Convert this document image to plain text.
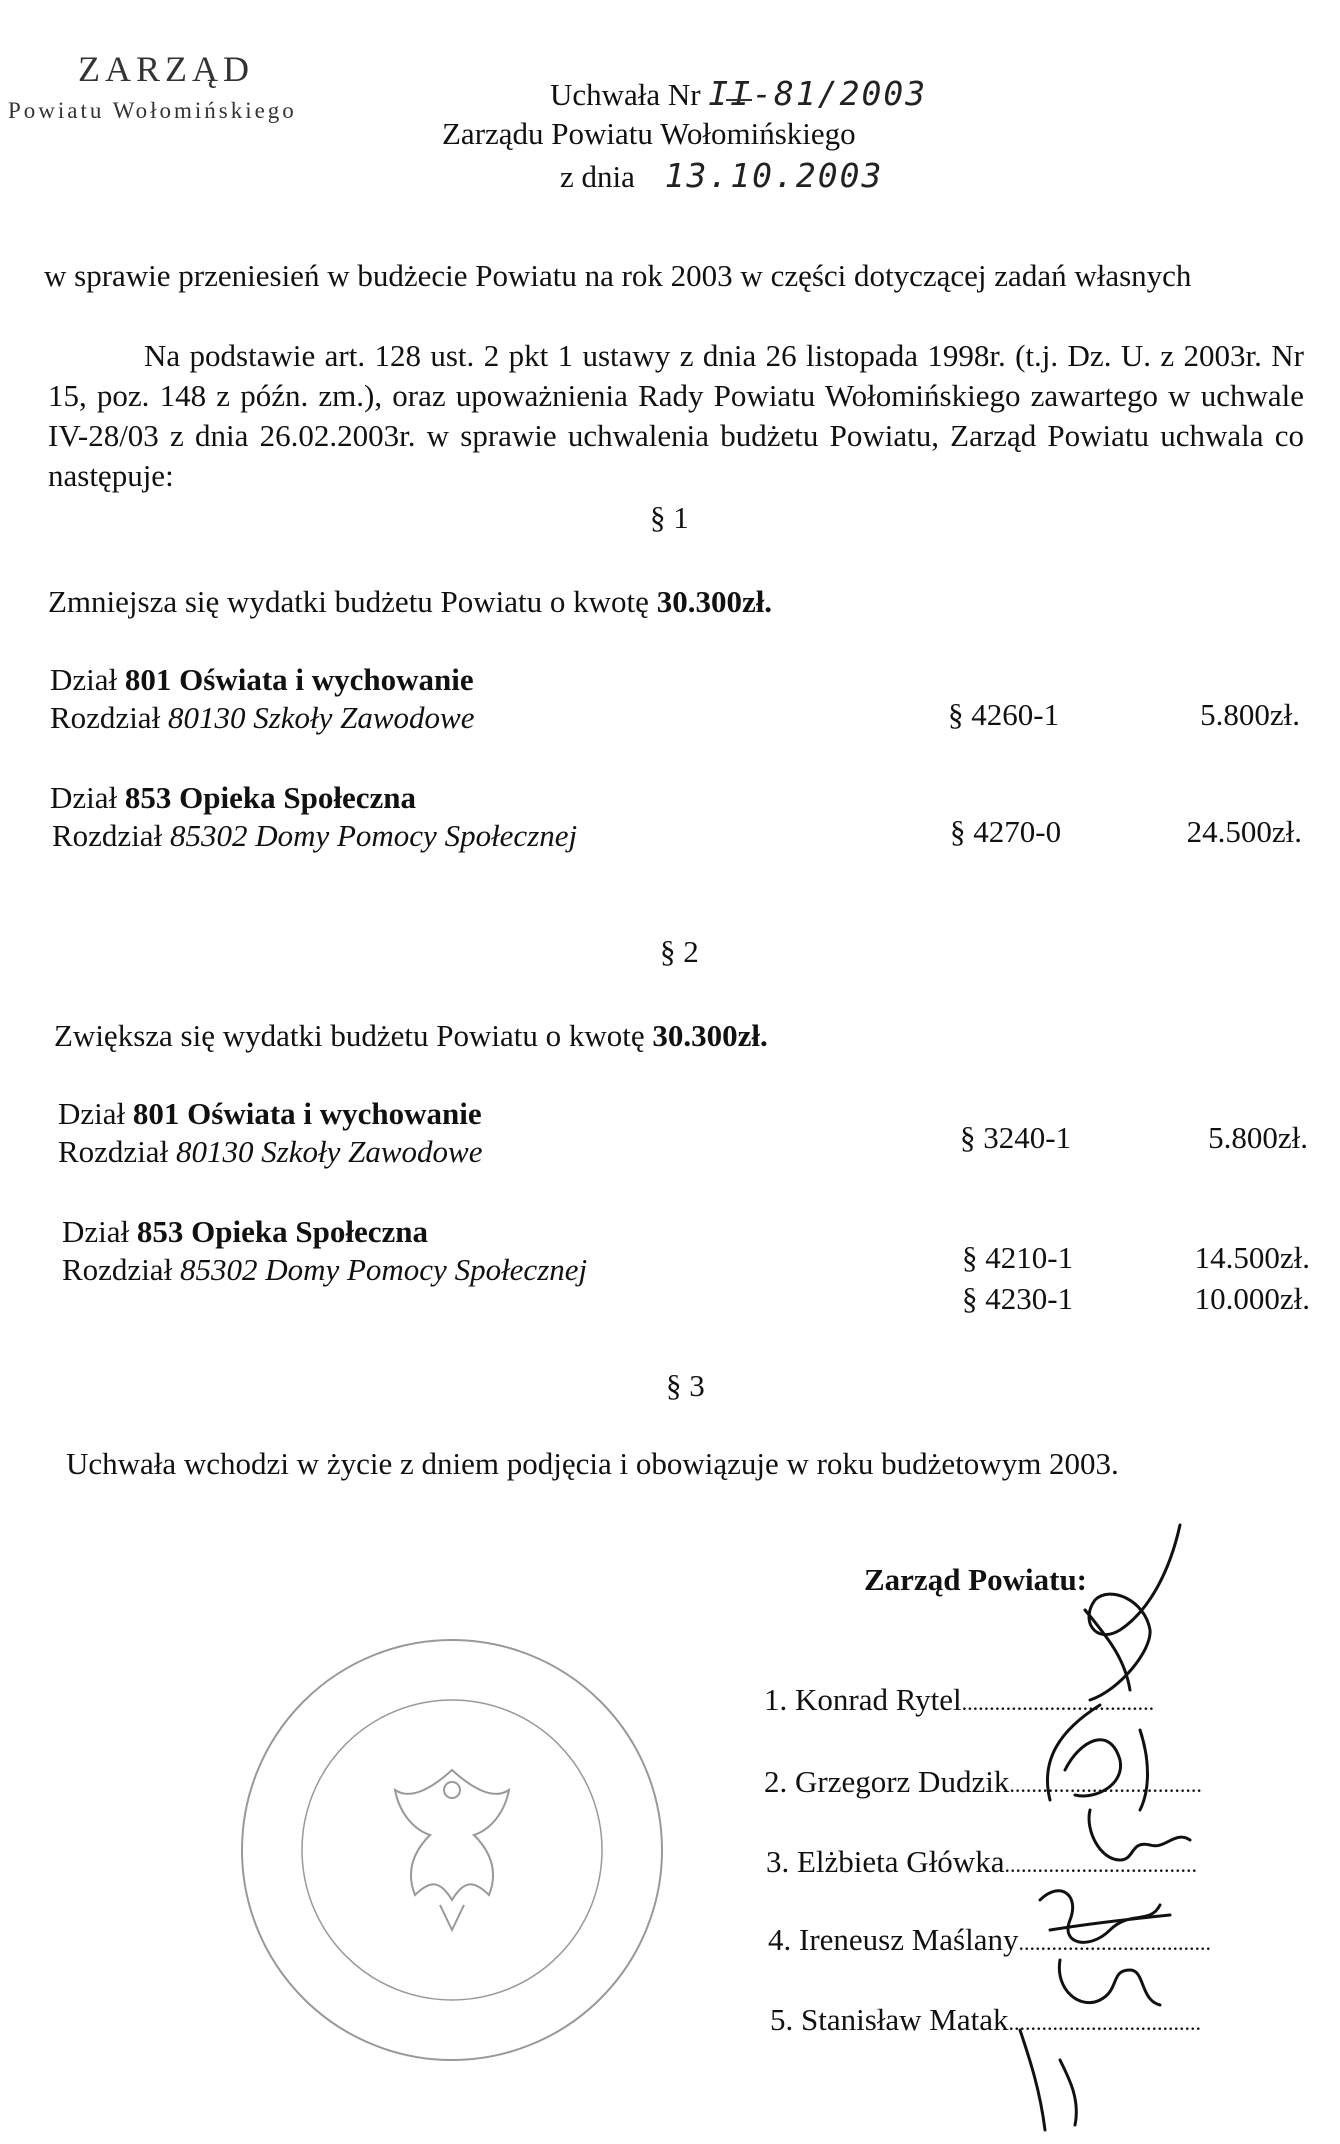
ZARZĄD
Powiatu Wołomińskiego	Uchwała Nr II-81/2003
Zarządu Powiatu Wołomińskiego
z dnia 13.10.2003
w sprawie przeniesień w budżecie Powiatu na rok 2003 w części dotyczącej zadań własnych
Na podstawie art. 128 ust. 2 pkt 1 ustawy z dnia 26 listopada 1998r. (t.j. Dz. U. z 2003r. Nr 15, poz. 148 z późn. zm.), oraz upoważnienia Rady Powiatu Wołomińskiego zawartego w uchwale IV-28/03 z dnia 26.02.2003r. w sprawie uchwalenia budżetu Powiatu, Zarząd Powiatu uchwala co następuje:
§ 1
Zmniejsza się wydatki budżetu Powiatu o kwotę 30.300zł.
Dział 801 Oświata i wychowanie
Rozdział 80130 Szkoły Zawodowe	§ 4260-1	5.800zł.
Dział 853 Opieka Społeczna
Rozdział 85302 Domy Pomocy Społecznej	§ 4270-0	24.500zł.
§ 2
Zwiększa się wydatki budżetu Powiatu o kwotę 30.300zł.
Dział 801 Oświata i wychowanie
Rozdział 80130 Szkoły Zawodowe	§ 3240-1	5.800zł.
Dział 853 Opieka Społeczna
Rozdział 85302 Domy Pomocy Społecznej	§ 4210-1	14.500zł.
§ 4230-1	10.000zł.
§ 3
Uchwała wchodzi w życie z dniem podjęcia i obowiązuje w roku budżetowym 2003.
Zarząd Powiatu:
1. Konrad Rytel...................................
2. Grzegorz Dudzik...................................
3. Elżbieta Główka...................................
4. Ireneusz Maślany...................................
5. Stanisław Matak...................................
